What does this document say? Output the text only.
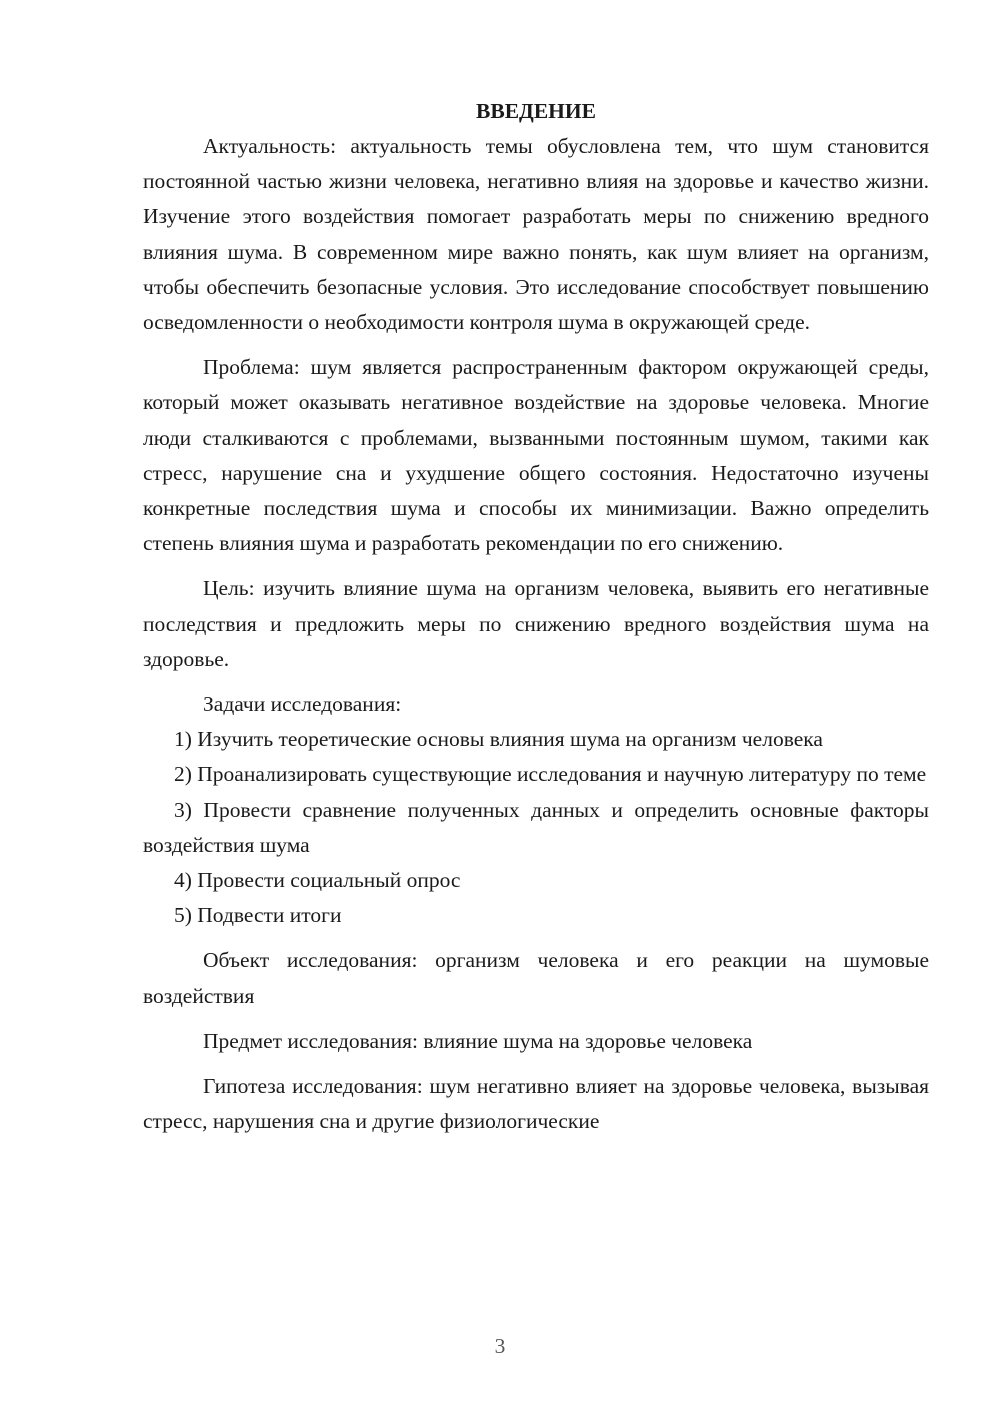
ВВЕДЕНИЕ

Актуальность: актуальность темы обусловлена тем, что шум становится постоянной частью жизни человека, негативно влияя на здоровье и качество жизни. Изучение этого воздействия помогает разработать меры по снижению вредного влияния шума. В современном мире важно понять, как шум влияет на организм, чтобы обеспечить безопасные условия. Это исследование способствует повышению осведомленности о необходимости контроля шума в окружающей среде.

Проблема: шум является распространенным фактором окружающей среды, который может оказывать негативное воздействие на здоровье человека. Многие люди сталкиваются с проблемами, вызванными постоянным шумом, такими как стресс, нарушение сна и ухудшение общего состояния. Недостаточно изучены конкретные последствия шума и способы их минимизации. Важно определить степень влияния шума и разработать рекомендации по его снижению.

Цель: изучить влияние шума на организм человека, выявить его негативные последствия и предложить меры по снижению вредного воздействия шума на здоровье.

Задачи исследования:

1) Изучить теоретические основы влияния шума на организм человека

2) Проанализировать существующие исследования и научную литературу по теме

3) Провести сравнение полученных данных и определить основные факторы воздействия шума

4) Провести социальный опрос

5) Подвести итоги

Объект исследования: организм человека и его реакции на шумовые воздействия

Предмет исследования: влияние шума на здоровье человека

Гипотеза исследования: шум негативно влияет на здоровье человека, вызывая стресс, нарушения сна и другие физиологические

3
